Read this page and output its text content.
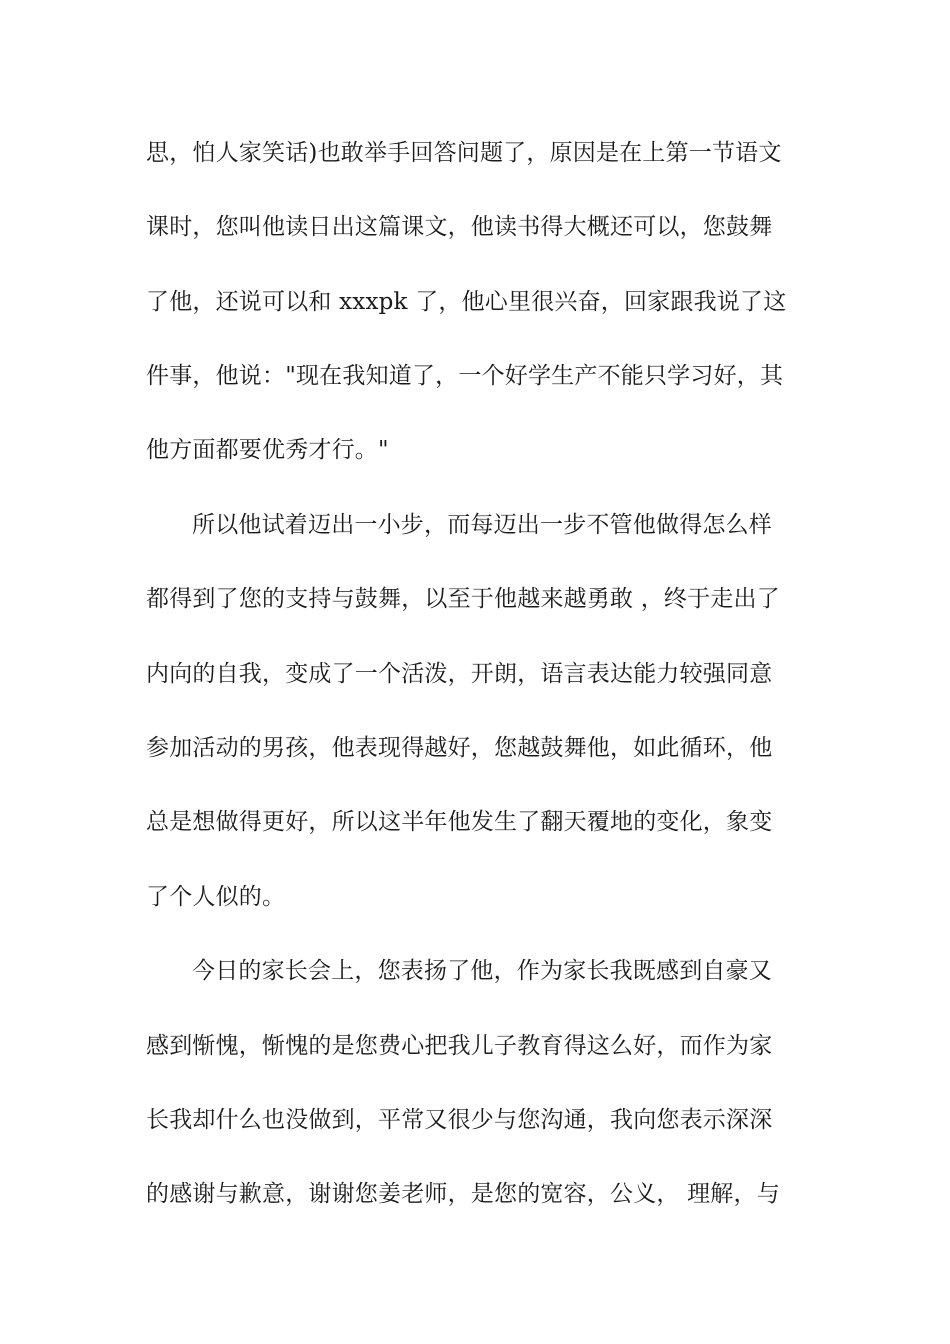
思，怕人家笑话)也敢举手回答问题了，原因是在上第一节语文
课时，您叫他读日出这篇课文，他读书得大概还可以，您鼓舞
了他，还说可以和 xxxpk 了，他心里很兴奋，回家跟我说了这
件事，他说："现在我知道了，一个好学生产不能只学习好，其
他方面都要优秀才行。"
所以他试着迈出一小步，而每迈出一步不管他做得怎么样
都得到了您的支持与鼓舞，以至于他越来越勇敢 ，终于走出了
内向的自我，变成了一个活泼，开朗，语言表达能力较强同意
参加活动的男孩，他表现得越好，您越鼓舞他，如此循环，他
总是想做得更好，所以这半年他发生了翻天覆地的变化，象变
了个人似的。
今日的家长会上，您表扬了他，作为家长我既感到自豪又
感到惭愧，惭愧的是您费心把我儿子教育得这么好，而作为家
长我却什么也没做到，平常又很少与您沟通，我向您表示深深
的感谢与歉意，谢谢您姜老师，是您的宽容，公义， 理解，与
